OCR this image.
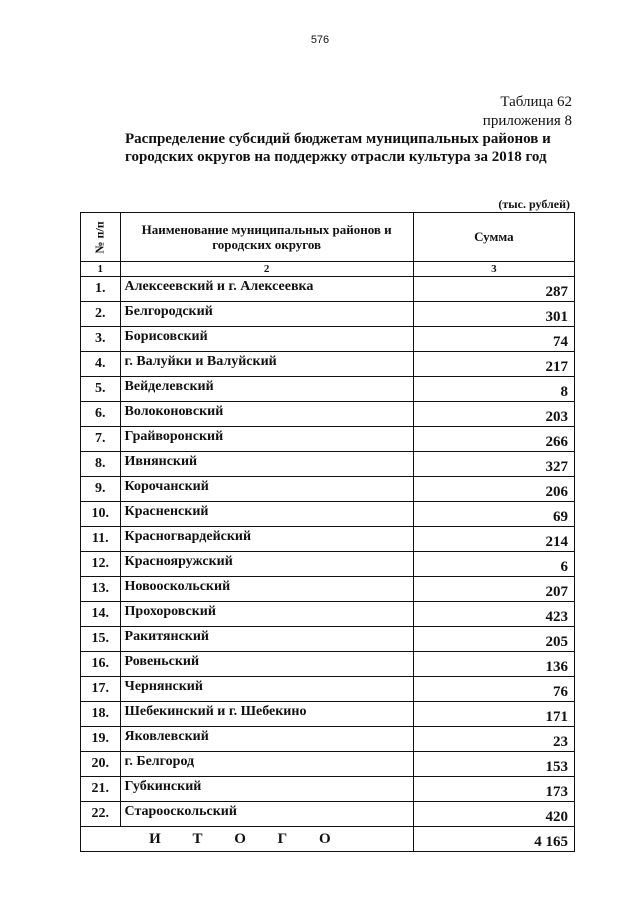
576
Таблица 62
приложения 8
Распределение субсидий бюджетам муниципальных районов и городских округов на поддержку отрасли культура за 2018 год
(тыс. рублей)
№ п/п	Наименование муниципальных районов и городских округов	Сумма
1	2	3
1.	Алексеевский и г. Алексеевка	287
2.	Белгородский	301
3.	Борисовский	74
4.	г. Валуйки и Валуйский	217
5.	Вейделевский	8
6.	Волоконовский	203
7.	Грайворонский	266
8.	Ивнянский	327
9.	Корочанский	206
10.	Красненский	69
11.	Красногвардейский	214
12.	Краснояружский	6
13.	Новооскольский	207
14.	Прохоровский	423
15.	Ракитянский	205
16.	Ровеньский	136
17.	Чернянский	76
18.	Шебекинский и г. Шебекино	171
19.	Яковлевский	23
20.	г. Белгород	153
21.	Губкинский	173
22.	Старооскольский	420
И Т О Г О		4 165
